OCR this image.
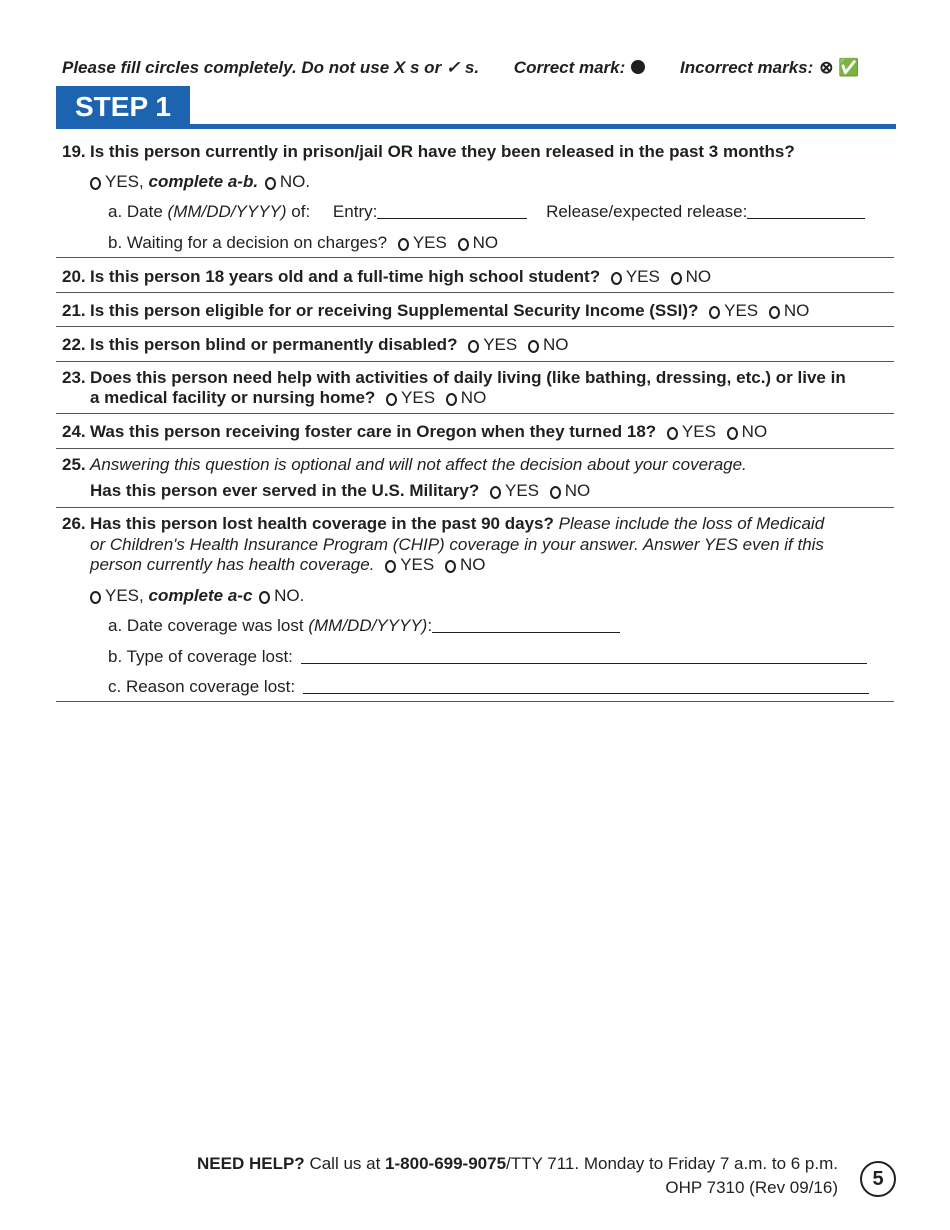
Please fill circles completely. Do not use X s or ✓ s. Correct mark:	Incorrect marks: ⊗ ✅
STEP 1
19. Is this person currently in prison/jail OR have they been released in the past 3 months?
YES, complete a-b. NO.
a. Date (MM/DD/YYYY) of: Entry:	Release/expected release:
b. Waiting for a decision on charges? YES NO
20. Is this person 18 years old and a full-time high school student? YES NO
21. Is this person eligible for or receiving Supplemental Security Income (SSI)? YES NO
22. Is this person blind or permanently disabled? YES NO
23. Does this person need help with activities of daily living (like bathing, dressing, etc.) or live in
a medical facility or nursing home? YES NO
24. Was this person receiving foster care in Oregon when they turned 18? YES NO
25. Answering this question is optional and will not affect the decision about your coverage.
Has this person ever served in the U.S. Military? YES NO
26. Has this person lost health coverage in the past 90 days? Please include the loss of Medicaid
or Children's Health Insurance Program (CHIP) coverage in your answer. Answer YES even if this
person currently has health coverage. YES NO
YES, complete a-c NO.
a. Date coverage was lost (MM/DD/YYYY):
b. Type of coverage lost:
c. Reason coverage lost:
NEED HELP? Call us at 1-800-699-9075/TTY 711. Monday to Friday 7 a.m. to 6 p.m.
OHP 7310 (Rev 09/16)	5
